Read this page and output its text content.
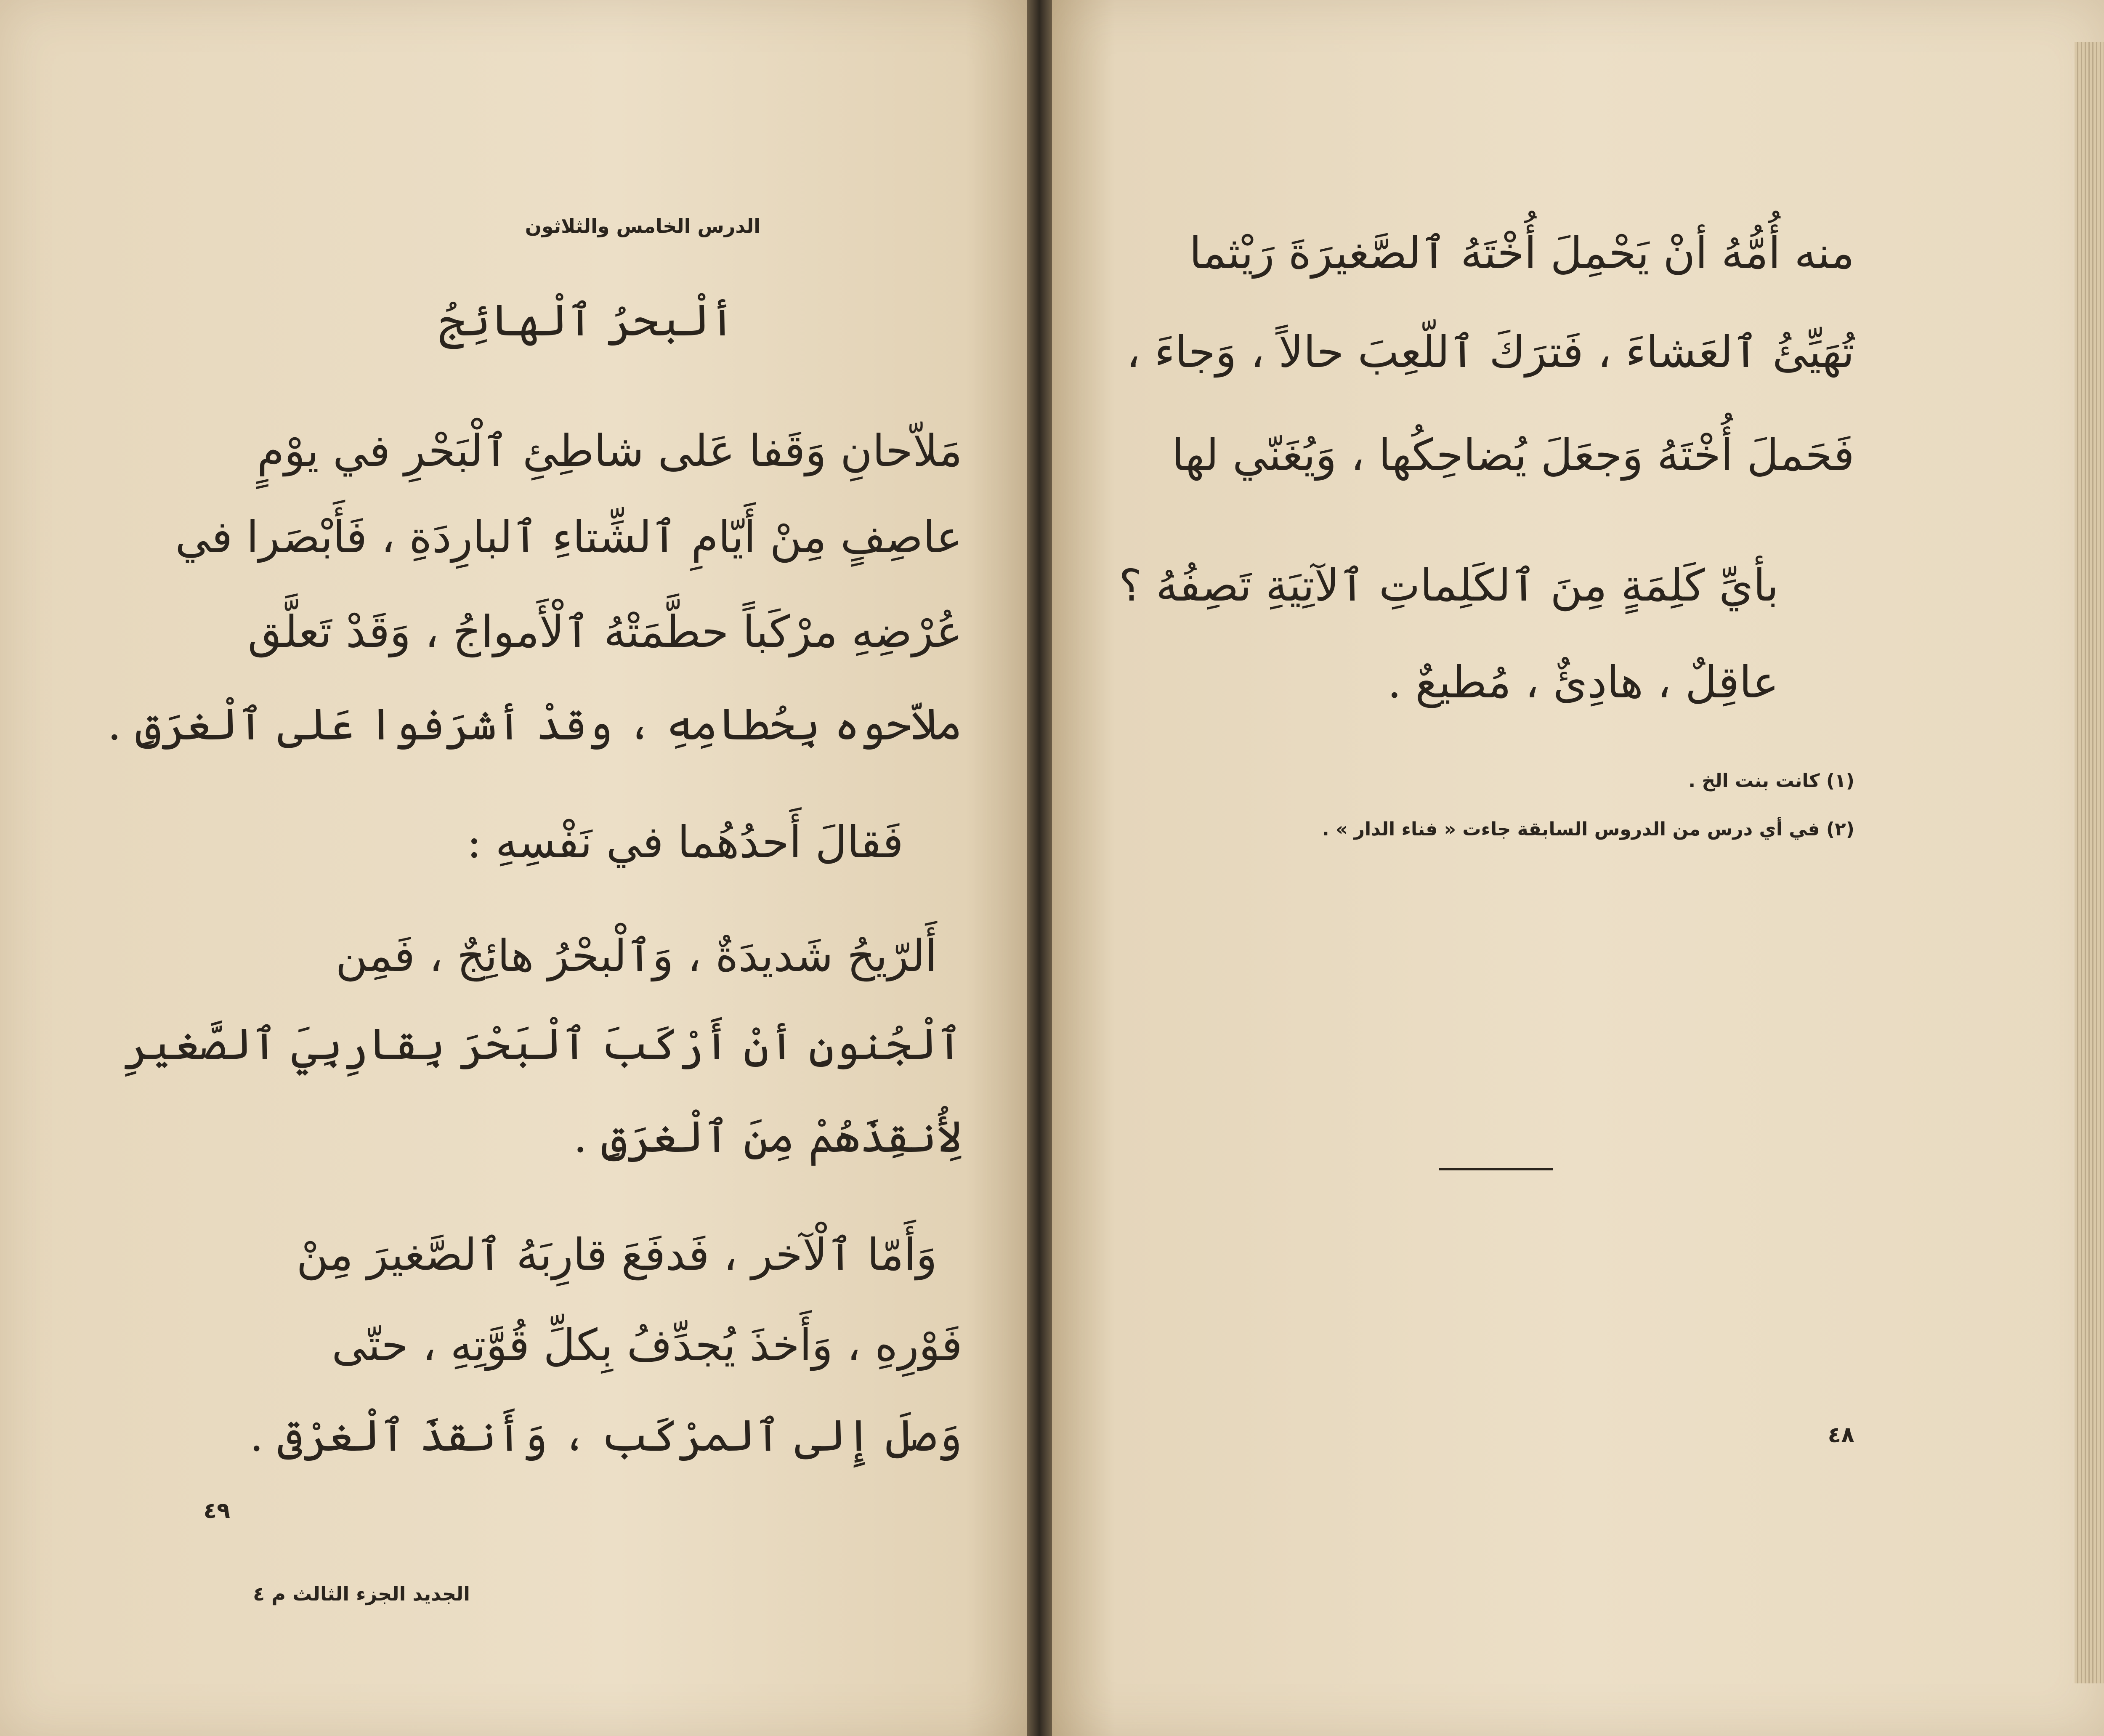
الدرس الخامس والثلاثون
ألْبحرُ ٱلْهائِجُ
مَلاّحانِ وَقَفا عَلى شاطِئِ ٱلْبَحْرِ في يوْمٍ
عاصِفٍ مِنْ أَيّامِ ٱلشِّتاءِ ٱلبارِدَةِ ، فَأَبْصَرا في
عُرْضِهِ مرْكَباً حطَّمَتْهُ ٱلْأَمواجُ ، وَقَدْ تَعلَّق
ملاّحوه بِحُطامِهِ ، وقدْ أشرَفوا عَلى ٱلْغرَقِ .
فَقالَ أَحدُهُما في نَفْسِهِ :
أَلرّيحُ شَديدَةٌ ، وَٱلْبحْرُ هائِجٌ ، فَمِن
ٱلْجُنونِ أنْ أَرْكَبَ ٱلْبَحْرَ بِقارِبِيَ ٱلصَّغيرِ
لِأُنقِذَهُمْ مِنَ ٱلْغرَقِ .
وَأَمّا ٱلْآخر ، فَدفَعَ قارِبَهُ ٱلصَّغيرَ مِنْ
فَوْرِهِ ، وَأَخذَ يُجدِّفُ بِكلِّ قُوَّتِهِ ، حتّى
وَصلَ إِلى ٱلمرْكَب ، وَأَنقذَ ٱلْغرْقى .
٤٩
الجديد الجزء الثالث م ٤
منه أُمُّهُ أنْ يَحْمِلَ أُخْتَهُ ٱلصَّغيرَةَ رَيْثما
تُهَيِّئُ ٱلعَشاءَ ، فَترَكَ ٱللّعِبَ حالاً ، وَجاءَ ،
فَحَملَ أُخْتَهُ وَجعَلَ يُضاحِكُها ، وَيُغَنّي لها
بأيِّ كَلِمَةٍ مِنَ ٱلكَلِماتِ ٱلآتِيَةِ تَصِفُهُ ؟
عاقِلٌ ، هادِئٌ ، مُطيعٌ .
(١) كانت بنت الخ .
(٢) في أي درس من الدروس السابقة جاءت « فناء الدار » .
٤٨
